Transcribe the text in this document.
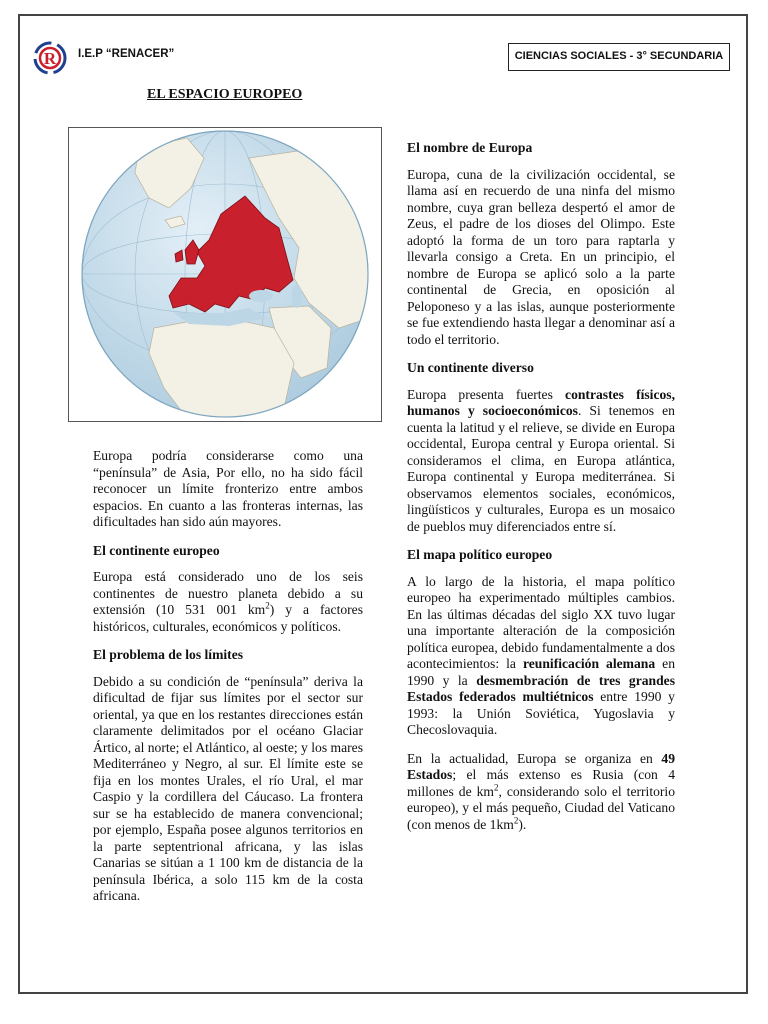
R I.E.P “RENACER”	CIENCIAS SOCIALES - 3° SECUNDARIA
EL ESPACIO EUROPEO

Europa podría considerarse como una “península” de Asia, Por ello, no ha sido fácil reconocer un límite fronterizo entre ambos espacios. En cuanto a las fronteras internas, las dificultades han sido aún mayores.

El continente europeo

Europa está considerado uno de los seis continentes de nuestro planeta debido a su extensión (10 531 001 $km^2$) y a factores históricos, culturales, económicos y políticos.

El problema de los límites

Debido a su condición de “península” deriva la dificultad de fijar sus límites por el sector sur oriental, ya que en los restantes direcciones están claramente delimitados por el océano Glaciar Ártico, al norte; el Atlántico, al oeste; y los mares Mediterráneo y Negro, al sur. El límite este se fija en los montes Urales, el río Ural, el mar Caspio y la cordillera del Cáucaso. La frontera sur se ha establecido de manera convencional; por ejemplo, España posee algunos territorios en la parte septentrional africana, y las islas Canarias se sitúan a 1 100 km de distancia de la península Ibérica, a solo 115 km de la costa africana.

El nombre de Europa

Europa, cuna de la civilización occidental, se llama así en recuerdo de una ninfa del mismo nombre, cuya gran belleza despertó el amor de Zeus, el padre de los dioses del Olimpo. Este adoptó la forma de un toro para raptarla y llevarla consigo a Creta. En un principio, el nombre de Europa se aplicó solo a la parte continental de Grecia, en oposición al Peloponeso y a las islas, aunque posteriormente se fue extendiendo hasta llegar a denominar así a todo el territorio.

Un continente diverso

Europa presenta fuertes contrastes físicos, humanos y socioeconómicos. Si tenemos en cuenta la latitud y el relieve, se divide en Europa occidental, Europa central y Europa oriental. Si consideramos el clima, en Europa atlántica, Europa continental y Europa mediterránea. Si observamos elementos sociales, económicos, lingüísticos y culturales, Europa es un mosaico de pueblos muy diferenciados entre sí.

El mapa político europeo

A lo largo de la historia, el mapa político europeo ha experimentado múltiples cambios. En las últimas décadas del siglo XX tuvo lugar una importante alteración de la composición política europea, debido fundamentalmente a dos acontecimientos: la reunificación alemana en 1990 y la desmembración de tres grandes Estados federados multiétnicos entre 1990 y 1993: la Unión Soviética, Yugoslavia y Checoslovaquia.

En la actualidad, Europa se organiza en 49 Estados; el más extenso es Rusia (con 4 millones de $km^2$, considerando solo el territorio europeo), y el más pequeño, Ciudad del Vaticano (con menos de $1km^2$).
